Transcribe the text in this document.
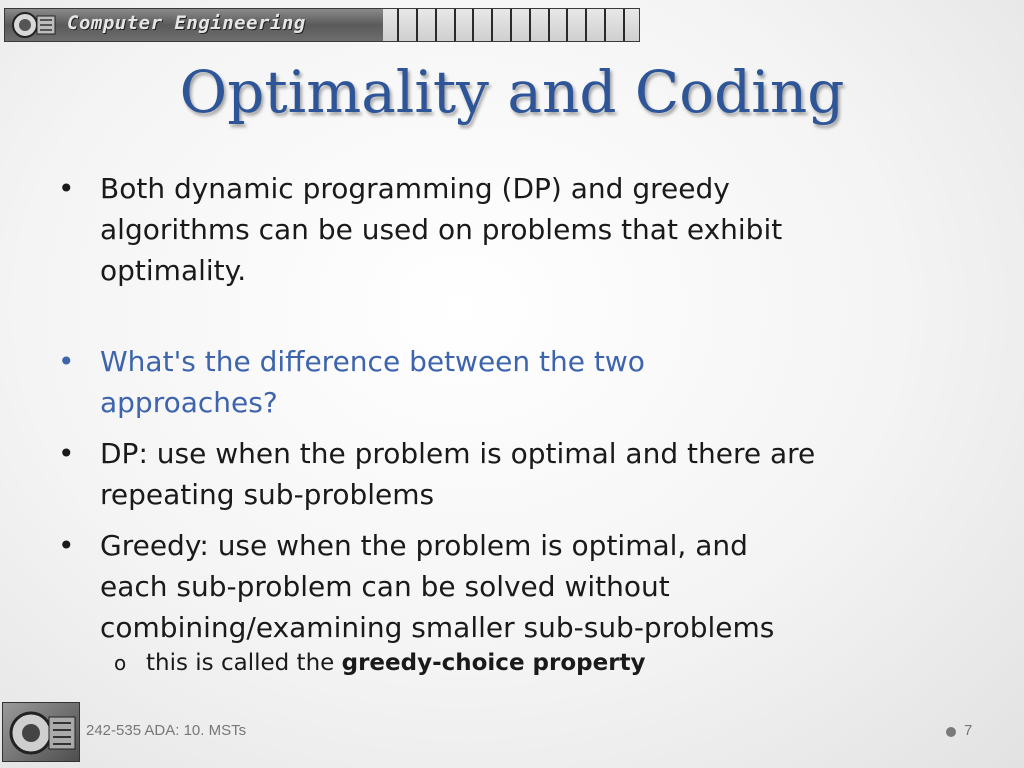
Computer Engineering
Optimality and Coding
• Both dynamic programming (DP) and greedy
algorithms can be used on problems that exhibit
optimality.
• What's the difference between the two
approaches?
• DP: use when the problem is optimal and there are
repeating sub-problems
• Greedy: use when the problem is optimal, and
each sub-problem can be solved without
combining/examining smaller sub-sub-problems
o this is called the greedy-choice property
242-535 ADA: 10. MSTs	7
